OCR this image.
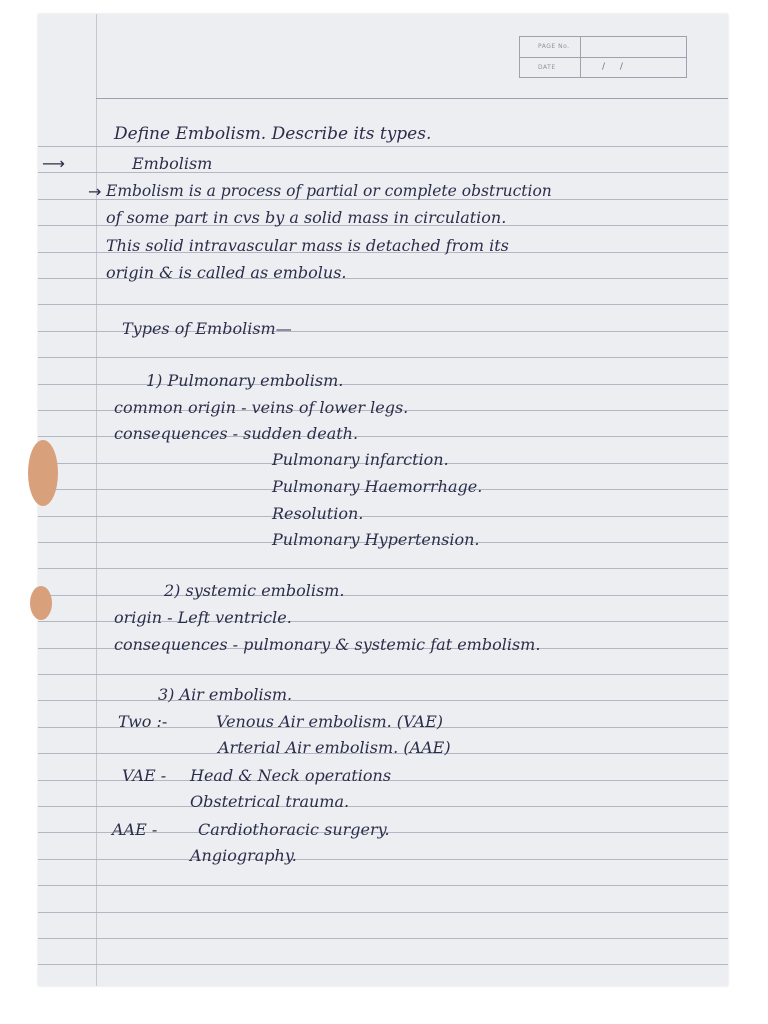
PAGE No.
DATE	/ /
Define Embolism. Describe its types.
⟶	Embolism
→ Embolism is a process of partial or complete obstruction
of some part in cvs by a solid mass in circulation.
This solid intravascular mass is detached from its
origin & is called as embolus.
Types of Embolism—
1) Pulmonary embolism.
common origin - veins of lower legs.
consequences - sudden death.
Pulmonary infarction.
Pulmonary Haemorrhage.
Resolution.
Pulmonary Hypertension.
2) systemic embolism.
origin - Left ventricle.
consequences - pulmonary & systemic fat embolism.
3) Air embolism.
Two :-	Venous Air embolism. (VAE)
Arterial Air embolism. (AAE)
VAE - Head & Neck operations
Obstetrical trauma.
AAE -	Cardiothoracic surgery.
Angiography.
